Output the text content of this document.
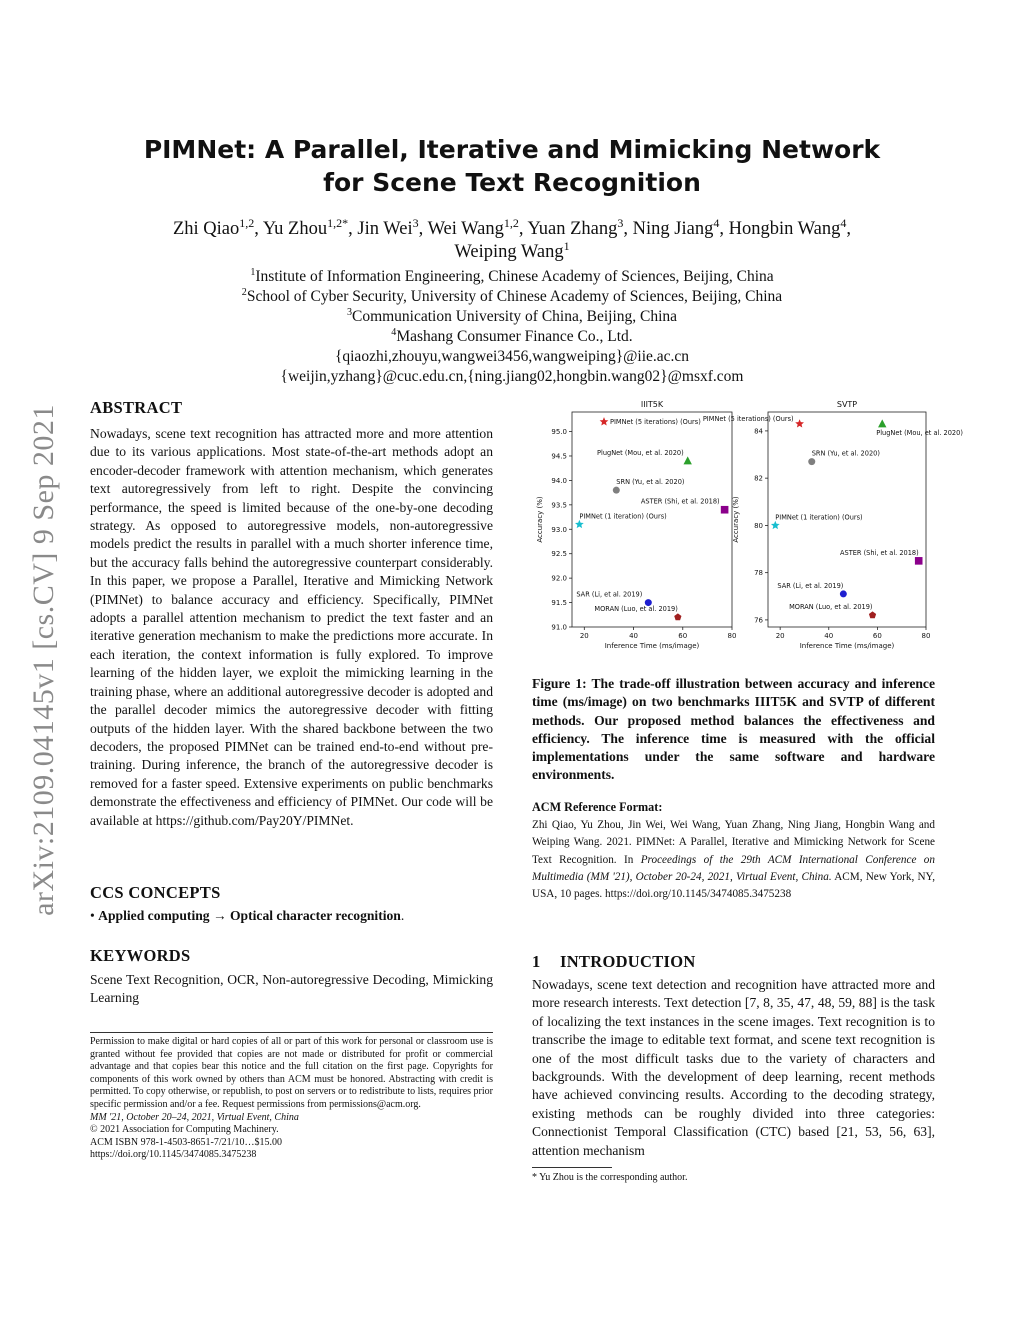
arXiv:2109.04145v1 [cs.CV] 9 Sep 2021
PIMNet: A Parallel, Iterative and Mimicking Network
for Scene Text Recognition
Zhi Qiao$^{1,2}$, Yu Zhou$^{1,2*}$, Jin Wei$^3$, Wei Wang$^{1,2}$, Yuan Zhang$^3$, Ning Jiang$^4$, Hongbin Wang$^4$,
Weiping Wang$^1$
$^1$Institute of Information Engineering, Chinese Academy of Sciences, Beijing, China
$^2$School of Cyber Security, University of Chinese Academy of Sciences, Beijing, China
$^3$Communication University of China, Beijing, China
$^4$Mashang Consumer Finance Co., Ltd.
{qiaozhi,zhouyu,wangwei3456,wangweiping}@iie.ac.cn
{weijin,yzhang}@cuc.edu.cn,{ning.jiang02,hongbin.wang02}@msxf.com
ABSTRACT

Nowadays, scene text recognition has attracted more and more attention due to its various applications. Most state-of-the-art methods adopt an encoder-decoder framework with attention mechanism, which generates text autoregressively from left to right. Despite the convincing performance, the speed is limited because of the one-by-one decoding strategy. As opposed to autoregressive models, non-autoregressive models predict the results in parallel with a much shorter inference time, but the accuracy falls behind the autoregressive counterpart considerably. In this paper, we propose a Parallel, Iterative and Mimicking Network (PIMNet) to balance accuracy and efficiency. Specifically, PIMNet adopts a parallel attention mechanism to predict the text faster and an iterative generation mechanism to make the predictions more accurate. In each iteration, the context information is fully explored. To improve learning of the hidden layer, we exploit the mimicking learning in the training phase, where an additional autoregressive decoder is adopted and the parallel decoder mimics the autoregressive decoder with fitting outputs of the hidden layer. With the shared backbone between the two decoders, the proposed PIMNet can be trained end-to-end without pre-training. During inference, the branch of the autoregressive decoder is removed for a faster speed. Extensive experiments on public benchmarks demonstrate the effectiveness and efficiency of PIMNet. Our code will be available at https://github.com/Pay20Y/PIMNet.

CCS CONCEPTS
• Applied computing → Optical character recognition.
KEYWORDS

Scene Text Recognition, OCR, Non-autoregressive Decoding, Mimicking Learning

Permission to make digital or hard copies of all or part of this work for personal or classroom use is granted without fee provided that copies are not made or distributed for profit or commercial advantage and that copies bear this notice and the full citation on the first page. Copyrights for components of this work owned by others than ACM must be honored. Abstracting with credit is permitted. To copy otherwise, or republish, to post on servers or to redistribute to lists, requires prior specific permission and/or a fee. Request permissions from permissions@acm.org.

MM '21, October 20–24, 2021, Virtual Event, China
© 2021 Association for Computing Machinery.
ACM ISBN 978-1-4503-8651-7/21/10…$15.00
https://doi.org/10.1145/3474085.3475238
IIIT5K
20	40	60	80
91.0
91.5
92.0
92.5
93.0
93.5
94.0
94.5
95.0
Inference Time (ms/image)
Accuracy (%)
PIMNet (5 iterations) (Ours)
PlugNet (Mou, et al. 2020)
SRN (Yu, et al. 2020)
ASTER (Shi, et al. 2018)
PIMNet (1 iteration) (Ours)
SAR (Li, et al. 2019)
MORAN (Luo, et al. 2019)
SVTP
20	40	60	80
76
78
80
82
84
Inference Time (ms/image)
Accuracy (%)
PIMNet (5 iterations) (Ours)
PlugNet (Mou, et al. 2020)
SRN (Yu, et al. 2020)
PIMNet (1 iteration) (Ours)
ASTER (Shi, et al. 2018)
SAR (Li, et al. 2019)
MORAN (Luo, et al. 2019)
Figure 1: The trade-off illustration between accuracy and inference time (ms/image) on two benchmarks IIIT5K and SVTP of different methods. Our proposed method balances the effectiveness and efficiency. The inference time is measured with the official implementations under the same software and hardware environments.
ACM Reference Format:
Zhi Qiao, Yu Zhou, Jin Wei, Wei Wang, Yuan Zhang, Ning Jiang, Hongbin Wang and Weiping Wang. 2021. PIMNet: A Parallel, Iterative and Mimicking Network for Scene Text Recognition. In Proceedings of the 29th ACM International Conference on Multimedia (MM '21), October 20-24, 2021, Virtual Event, China. ACM, New York, NY, USA, 10 pages. https://doi.org/10.1145/3474085.3475238
1 INTRODUCTION

Nowadays, scene text detection and recognition have attracted more and more research interests. Text detection [7, 8, 35, 47, 48, 59, 88] is the task of localizing the text instances in the scene images. Text recognition is to transcribe the image to editable text format, and scene text recognition is one of the most difficult tasks due to the variety of characters and backgrounds. With the development of deep learning, recent methods have achieved convincing results. According to the decoding strategy, existing methods can be roughly divided into three categories: Connectionist Temporal Classification (CTC) based [21, 53, 56, 63], attention mechanism

* Yu Zhou is the corresponding author.
